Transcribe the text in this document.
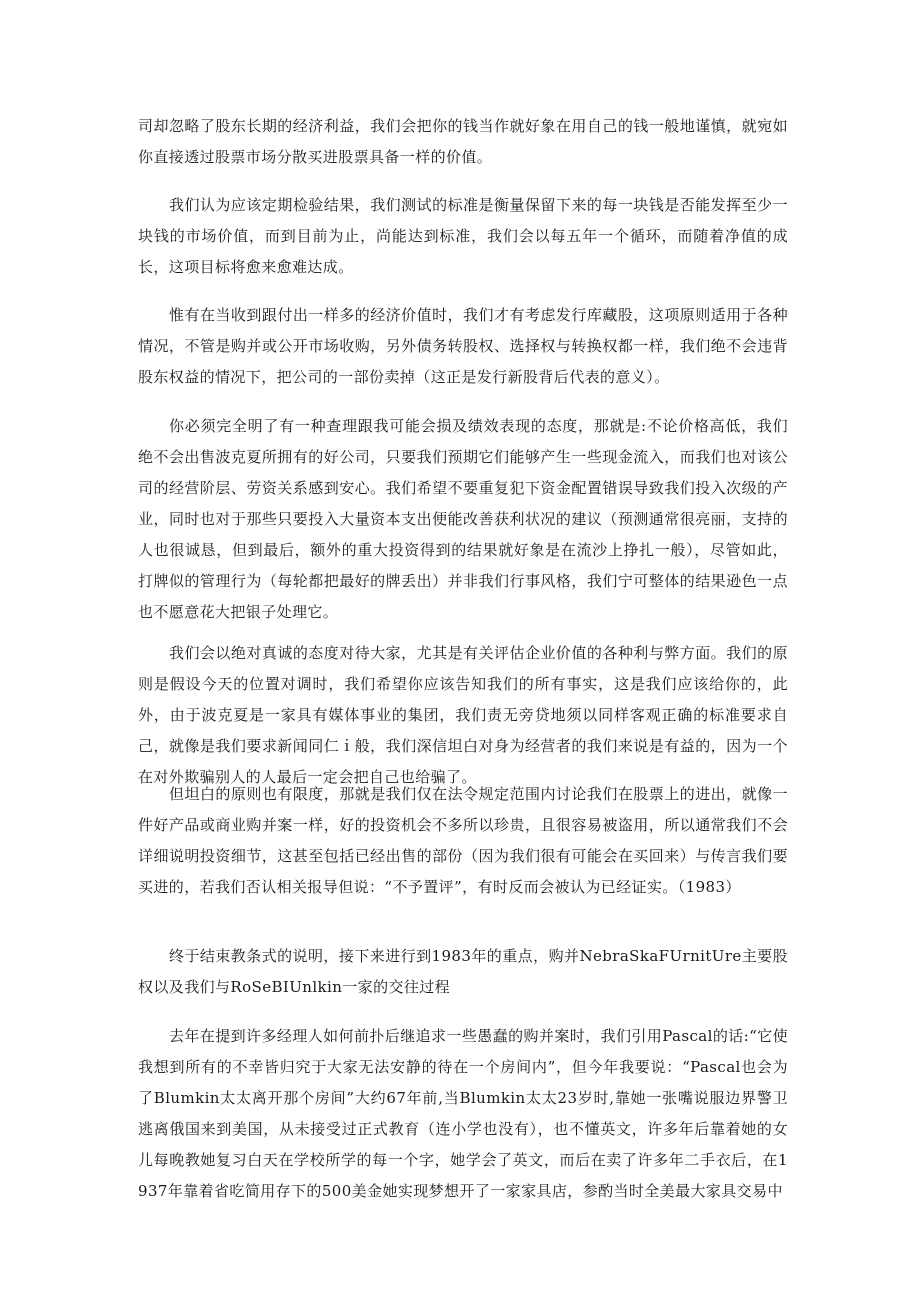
司却忽略了股东长期的经济利益，我们会把你的钱当作就好象在用自己的钱一般地谨慎，就宛如你直接透过股票市场分散买进股票具备一样的价值。

我们认为应该定期检验结果，我们测试的标准是衡量保留下来的每一块钱是否能发挥至少一块钱的市场价值，而到目前为止，尚能达到标准，我们会以每五年一个循环，而随着净值的成长，这项目标将愈来愈难达成。

惟有在当收到跟付出一样多的经济价值时，我们才有考虑发行库藏股，这项原则适用于各种情况，不管是购并或公开市场收购，另外债务转股权、选择权与转换权都一样，我们绝不会违背股东权益的情况下，把公司的一部份卖掉（这正是发行新股背后代表的意义）。

你必须完全明了有一种查理跟我可能会损及绩效表现的态度，那就是:不论价格高低，我们绝不会出售波克夏所拥有的好公司，只要我们预期它们能够产生一些现金流入，而我们也对该公司的经营阶层、劳资关系感到安心。我们希望不要重复犯下资金配置错误导致我们投入次级的产业，同时也对于那些只要投入大量资本支出便能改善获利状况的建议（预测通常很亮丽，支持的人也很诚恳，但到最后，额外的重大投资得到的结果就好象是在流沙上挣扎一般），尽管如此，打牌似的管理行为（每轮都把最好的牌丢出）并非我们行事风格，我们宁可整体的结果逊色一点也不愿意花大把银子处理它。

我们会以绝对真诚的态度对待大家，尤其是有关评估企业价值的各种利与弊方面。我们的原则是假设今天的位置对调时，我们希望你应该告知我们的所有事实，这是我们应该给你的，此外，由于波克夏是一家具有媒体事业的集团，我们责无旁贷地须以同样客观正确的标准要求自己，就像是我们要求新闻同仁ｉ般，我们深信坦白对身为经营者的我们来说是有益的，因为一个在对外欺骗别人的人最后一定会把自己也给骗了。

但坦白的原则也有限度，那就是我们仅在法令规定范围内讨论我们在股票上的进出，就像一件好产品或商业购并案一样，好的投资机会不多所以珍贵，且很容易被盗用，所以通常我们不会详细说明投资细节，这甚至包括已经出售的部份（因为我们很有可能会在买回来）与传言我们要买进的，若我们否认相关报导但说：“不予置评”，有时反而会被认为已经证实。（1983）

终于结束教条式的说明，接下来进行到1983年的重点，购并NebraSkaFUrnitUre主要股权以及我们与RoSeBIUnlkin一家的交往过程

去年在提到许多经理人如何前扑后继追求一些愚蠢的购并案时，我们引用Pascal的话:“它使我想到所有的不幸皆归究于大家无法安静的待在一个房间内”，但今年我要说：“Pascal也会为了Blumkin太太离开那个房间”大约67年前,当Blumkin太太23岁时,靠她一张嘴说服边界警卫逃离俄国来到美国，从未接受过正式教育（连小学也没有），也不懂英文，许多年后靠着她的女儿每晚教她复习白天在学校所学的每一个字，她学会了英文，而后在卖了许多年二手衣后，在1937年靠着省吃简用存下的500美金她实现梦想开了一家家具店，参酌当时全美最大家具交易中
